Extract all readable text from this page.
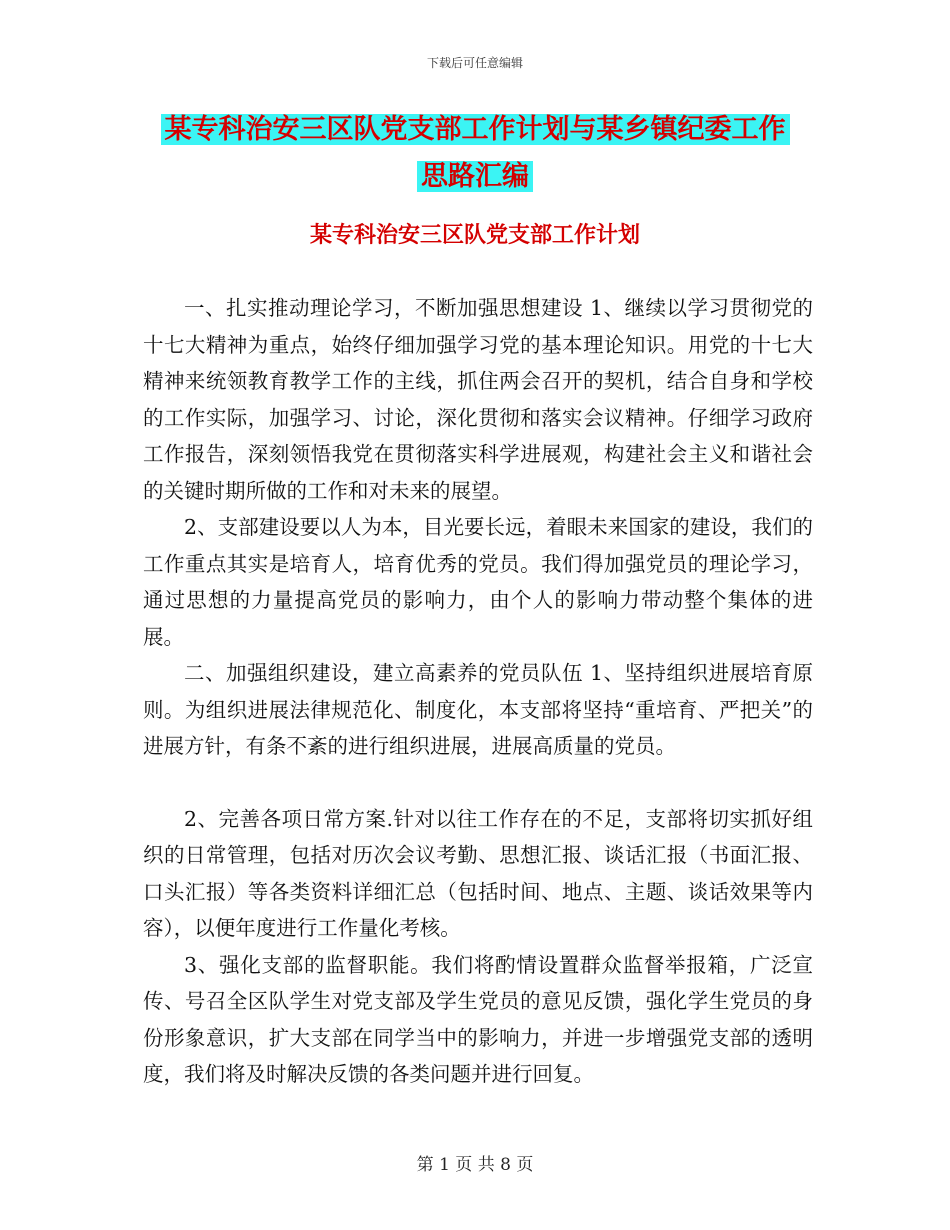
下载后可任意编辑
某专科治安三区队党支部工作计划与某乡镇纪委工作
思路汇编
某专科治安三区队党支部工作计划

一、扎实推动理论学习，不断加强思想建设 1、继续以学习贯彻党的十七大精神为重点，始终仔细加强学习党的基本理论知识。用党的十七大精神来统领教育教学工作的主线，抓住两会召开的契机，结合自身和学校的工作实际，加强学习、讨论，深化贯彻和落实会议精神。仔细学习政府工作报告，深刻领悟我党在贯彻落实科学进展观，构建社会主义和谐社会的关键时期所做的工作和对未来的展望。

2、支部建设要以人为本，目光要长远，着眼未来国家的建设，我们的工作重点其实是培育人，培育优秀的党员。我们得加强党员的理论学习，通过思想的力量提高党员的影响力，由个人的影响力带动整个集体的进展。

二、加强组织建设，建立高素养的党员队伍 1、坚持组织进展培育原则。为组织进展法律规范化、制度化，本支部将坚持“重培育、严把关”的进展方针，有条不紊的进行组织进展，进展高质量的党员。

2、完善各项日常方案.针对以往工作存在的不足，支部将切实抓好组织的日常管理，包括对历次会议考勤、思想汇报、谈话汇报（书面汇报、口头汇报）等各类资料详细汇总（包括时间、地点、主题、谈话效果等内容），以便年度进行工作量化考核。

3、强化支部的监督职能。我们将酌情设置群众监督举报箱，广泛宣传、号召全区队学生对党支部及学生党员的意见反馈，强化学生党员的身份形象意识，扩大支部在同学当中的影响力，并进一步增强党支部的透明度，我们将及时解决反馈的各类问题并进行回复。

第 1 页 共 8 页
